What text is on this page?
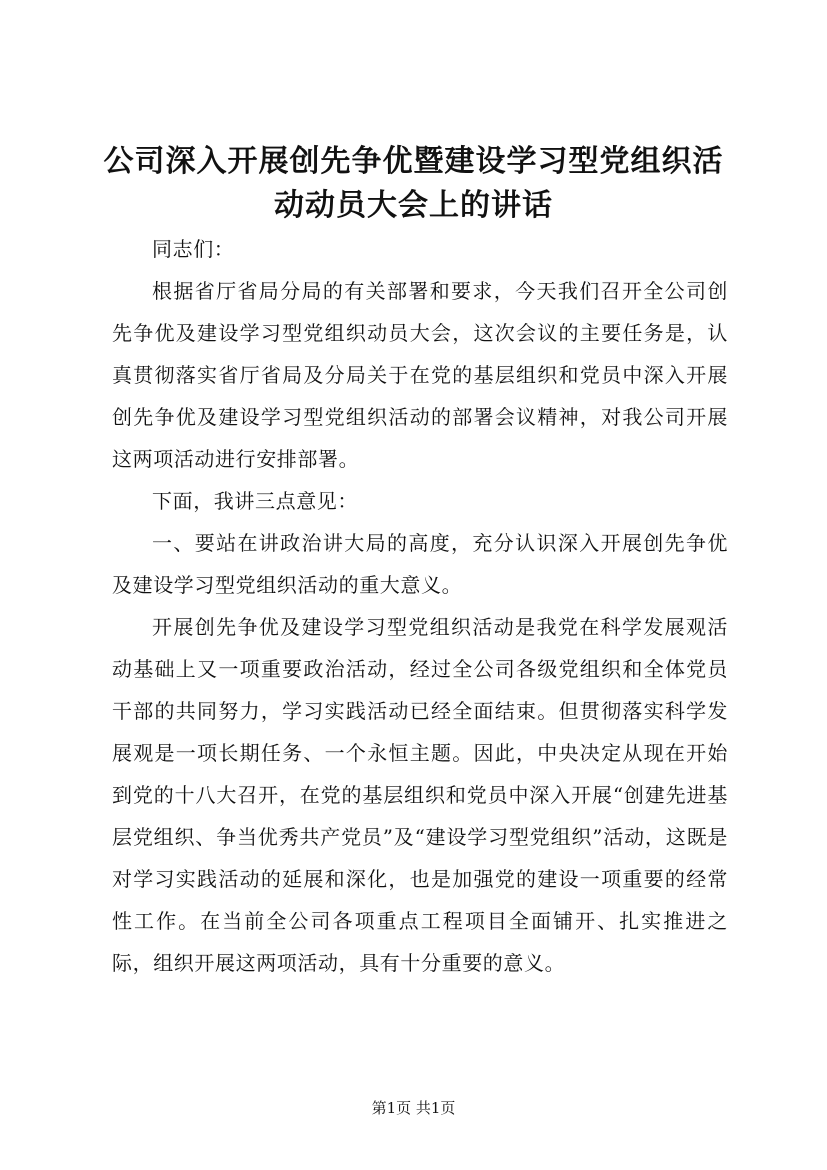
公司深入开展创先争优暨建设学习型党组织活动动员大会上的讲话

同志们：

根据省厅省局分局的有关部署和要求，今天我们召开全公司创先争优及建设学习型党组织动员大会，这次会议的主要任务是，认真贯彻落实省厅省局及分局关于在党的基层组织和党员中深入开展创先争优及建设学习型党组织活动的部署会议精神，对我公司开展这两项活动进行安排部署。

下面，我讲三点意见：

一、要站在讲政治讲大局的高度，充分认识深入开展创先争优及建设学习型党组织活动的重大意义。

开展创先争优及建设学习型党组织活动是我党在科学发展观活动基础上又一项重要政治活动，经过全公司各级党组织和全体党员干部的共同努力，学习实践活动已经全面结束。但贯彻落实科学发展观是一项长期任务、一个永恒主题。因此，中央决定从现在开始到党的十八大召开，在党的基层组织和党员中深入开展“创建先进基层党组织、争当优秀共产党员”及“建设学习型党组织”活动，这既是对学习实践活动的延展和深化，也是加强党的建设一项重要的经常性工作。在当前全公司各项重点工程项目全面铺开、扎实推进之际，组织开展这两项活动，具有十分重要的意义。

第1页 共1页
